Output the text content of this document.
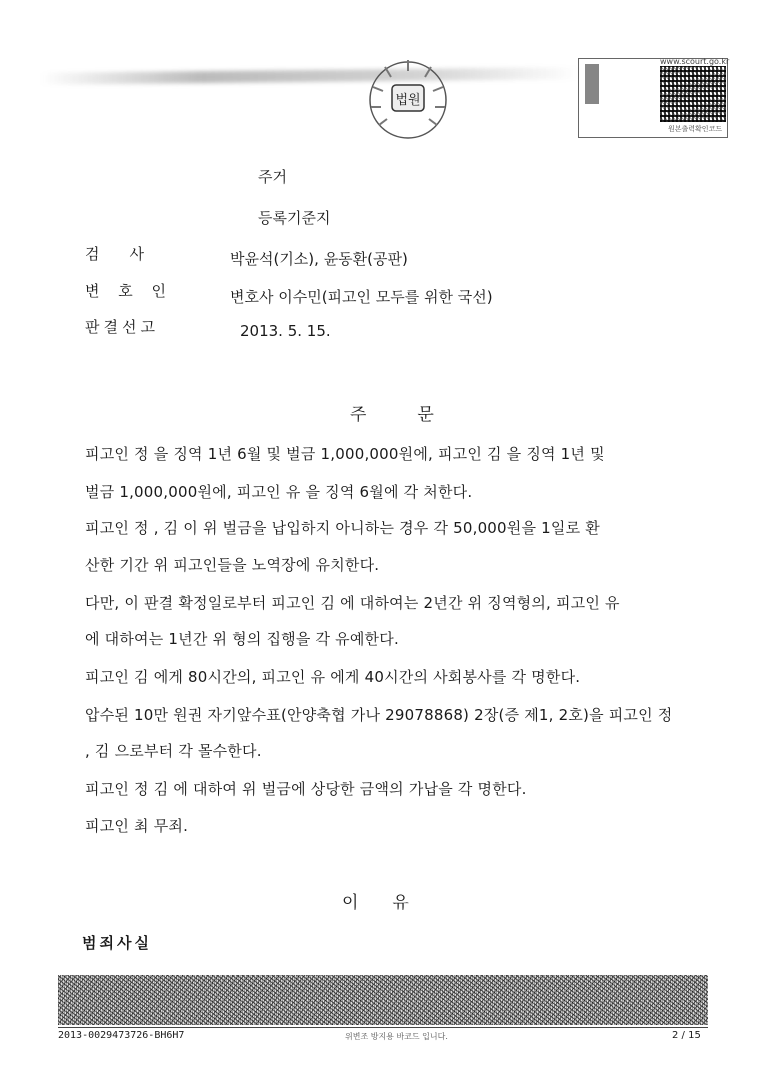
법원
www.scourt.go.kr
원본출력확인코드
주거
등록기준지
검　　사	박윤석(기소), 윤동환(공판)
변 호 인	변호사 이수민(피고인 모두를 위한 국선)
판결선고	2013. 5. 15.
주　　　문
피고인 정 을 징역 1년 6월 및 벌금 1,000,000원에, 피고인 김 을 징역 1년 및
벌금 1,000,000원에, 피고인 유 을 징역 6월에 각 처한다.
피고인 정 , 김 이 위 벌금을 납입하지 아니하는 경우 각 50,000원을 1일로 환
산한 기간 위 피고인들을 노역장에 유치한다.
다만, 이 판결 확정일로부터 피고인 김 에 대하여는 2년간 위 징역형의, 피고인 유
에 대하여는 1년간 위 형의 집행을 각 유예한다.
피고인 김 에게 80시간의, 피고인 유 에게 40시간의 사회봉사를 각 명한다.
압수된 10만 원권 자기앞수표(안양축협 가나 29078868) 2장(증 제1, 2호)을 피고인 정
, 김 으로부터 각 몰수한다.
피고인 정 김 에 대하여 위 벌금에 상당한 금액의 가납을 각 명한다.
피고인 최 무죄.
이　　유
범죄사실
2013-0029473726-BH6H7	위변조 방지용 바코드 입니다.	2 / 15
